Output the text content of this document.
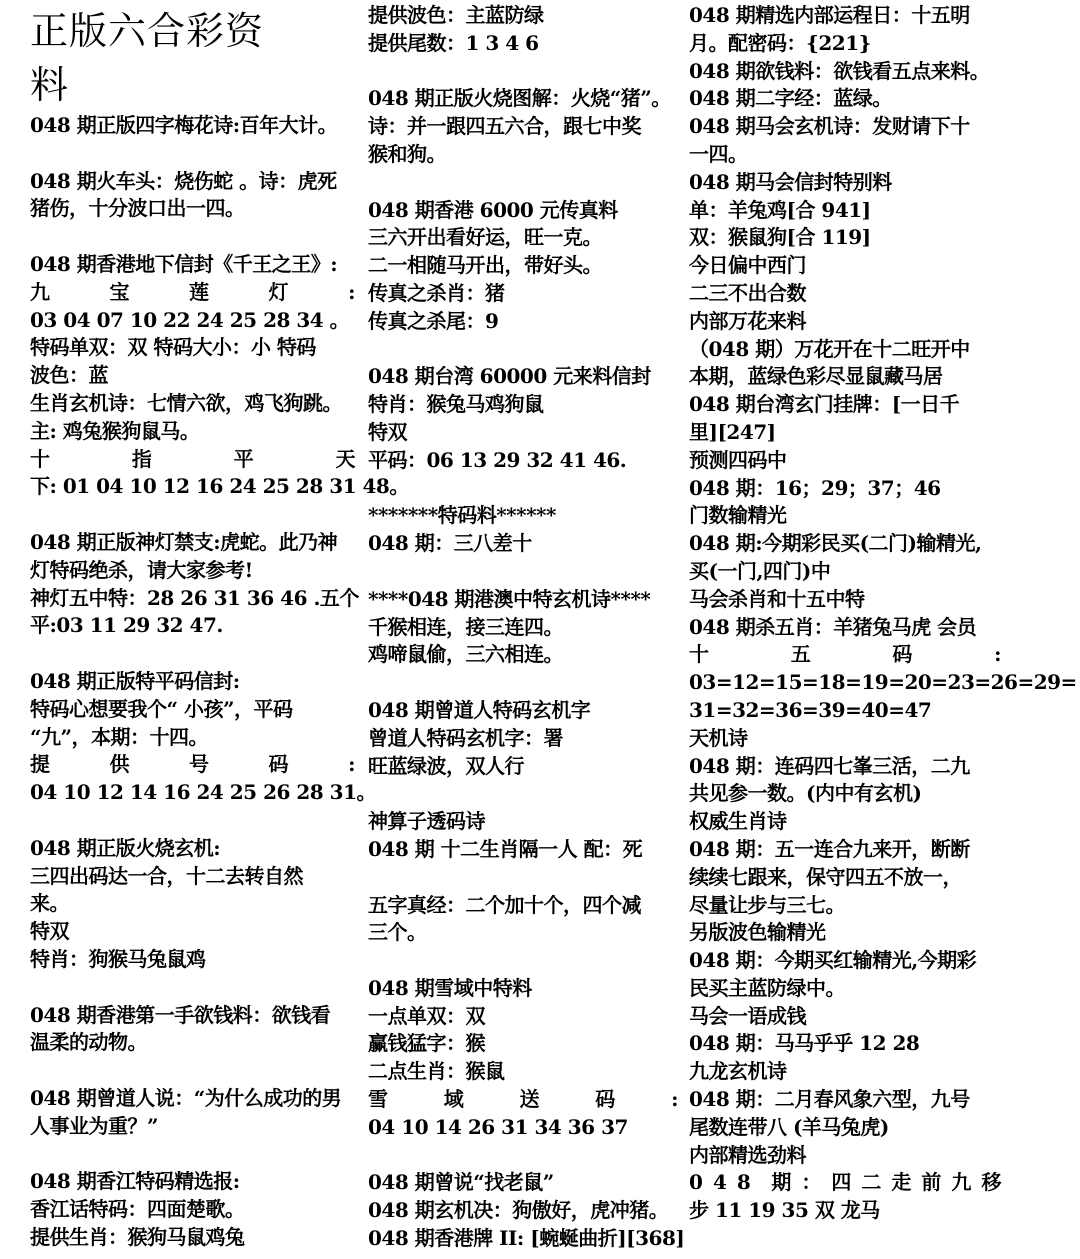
正版六合彩资
料
048 期正版四字梅花诗:百年大计。
048 期火车头：烧伤蛇 。诗：虎死
猪伤，十分波口出一四。
048 期香港地下信封《千王之王》:
九	宝	莲	灯	:
03 04 07 10 22 24 25 28 34 。
特码单双：双 特码大小：小 特码
波色：蓝
生肖玄机诗：七情六欲，鸡飞狗跳。
主: 鸡兔猴狗鼠马。
十	指	平	天
下: 01 04 10 12 16 24 25 28 31 48。
048 期正版神灯禁支:虎蛇。此乃神
灯特码绝杀，请大家参考!
神灯五中特：28 26 31 36 46 .五个
平:03 11 29 32 47.
048 期正版特平码信封:
特码心想要我个“ 小孩”，平码
“九”，本期：十四。
提	供	号	码	:
04 10 12 14 16 24 25 26 28 31。
048 期正版火烧玄机:
三四出码达一合，十二去转自然
来。
特双
特肖：狗猴马兔鼠鸡
048 期香港第一手欲钱料：欲钱看
温柔的动物。
048 期曾道人说：“为什么成功的男
人事业为重？”
048 期香江特码精选报:
香江话特码：四面楚歌。
提供生肖：猴狗马鼠鸡兔
提供波色：主蓝防绿
提供尾数：1 3 4 6
048 期正版火烧图解：火烧“猪”。
诗：并一跟四五六合，跟七中奖
猴和狗。
048 期香港 6000 元传真料
三六开出看好运，旺一克。
二一相随马开出，带好头。
传真之杀肖：猪
传真之杀尾：9
048 期台湾 60000 元来料信封
特肖：猴兔马鸡狗鼠
特双
平码：06 13 29 32 41 46.
*******特码料******
048 期：三八差十
****048 期港澳中特玄机诗****
千猴相连，接三连四。
鸡啼鼠偷，三六相连。
048 期曾道人特码玄机字
曾道人特码玄机字：署
旺蓝绿波，双人行
神算子透码诗
048 期 十二生肖隔一人 配：死
五字真经：二个加十个，四个减
三个。
048 期雪域中特料
一点单双：双
赢钱猛字：猴
二点生肖：猴鼠
雪	域	送	码	:
04 10 14 26 31 34 36 37
048 期曾说“找老鼠”
048 期玄机决：狗傲好，虎冲猪。
048 期香港牌 II: [蜿蜒曲折][368]
048 期精选内部运程日：十五明
月。配密码：{221}
048 期欲钱料：欲钱看五点来料。
048 期二字经：蓝绿。
048 期马会玄机诗：发财请下十
一四。
048 期马会信封特别料
单：羊兔鸡[合 941]
双：猴鼠狗[合 119]
今日偏中西门
二三不出合数
内部万花来料
（048 期）万花开在十二旺开中
本期，蓝绿色彩尽显鼠藏马居
048 期台湾玄门挂牌：[一日千
里][247]
预测四码中
048 期：16；29；37；46
门数输精光
048 期:今期彩民买(二门)输精光,
买(一门,四门)中
马会杀肖和十五中特
048 期杀五肖：羊猪兔马虎 会员
十	五	码	:
03=12=15=18=19=20=23=26=29=
31=32=36=39=40=47
天机诗
048 期：连码四七峯三活，二九
共见参一数。(内中有玄机)
权威生肖诗
048 期：五一连合九来开，断断
续续七跟来，保守四五不放一，
尽量让步与三七。
另版波色输精光
048 期：今期买红输精光,今期彩
民买主蓝防绿中。
马会一语成钱
048 期：马马乎乎 12 28
九龙玄机诗
048 期：二月春风象六型，九号
尾数连带八 (羊马兔虎)
内部精选劲料
0 4 8 期 ： 四 二 走 前 九 移
步 11 19 35 双 龙马
